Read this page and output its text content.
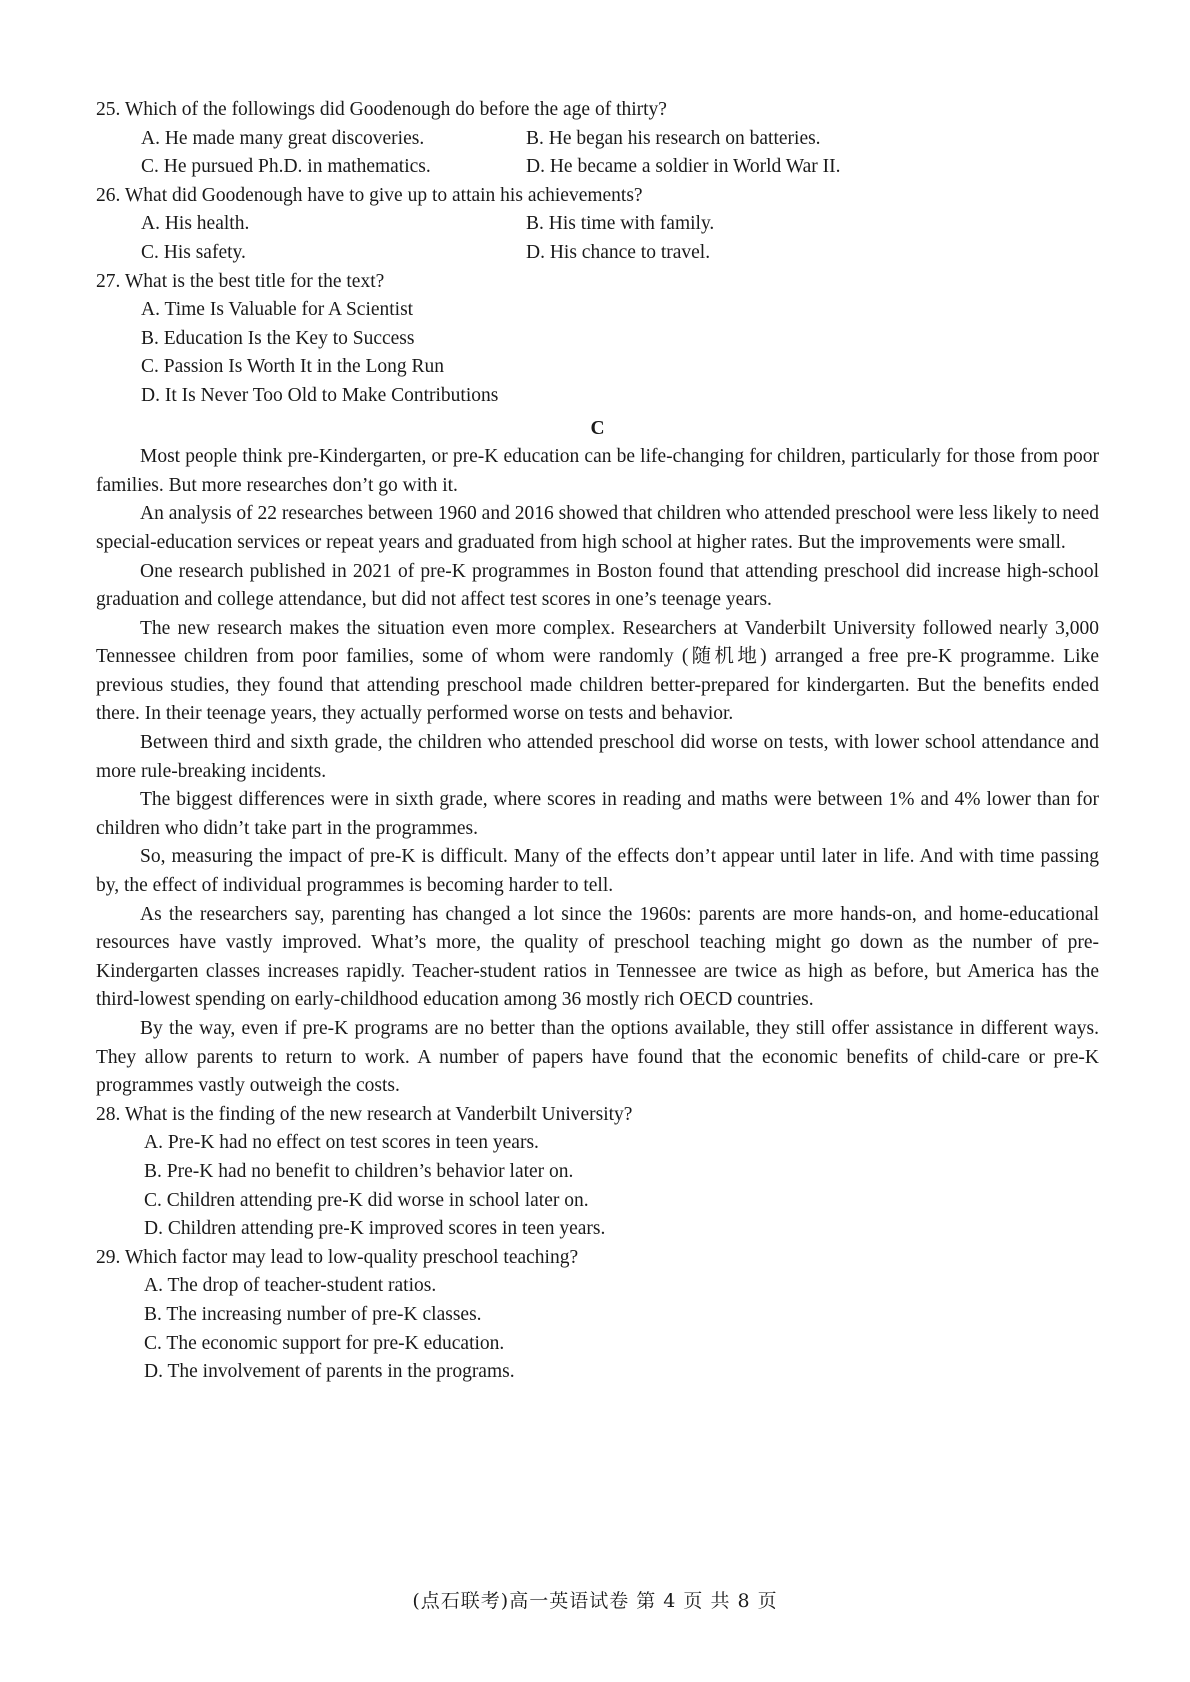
25. Which of the followings did Goodenough do before the age of thirty?

A. He made many great discoveries.	B. He began his research on batteries.
C. He pursued Ph.D. in mathematics.	D. He became a soldier in World War II.

26. What did Goodenough have to give up to attain his achievements?

A. His health.	B. His time with family.
C. His safety.	D. His chance to travel.

27. What is the best title for the text?

A. Time Is Valuable for A Scientist
B. Education Is the Key to Success
C. Passion Is Worth It in the Long Run
D. It Is Never Too Old to Make Contributions
C

Most people think pre-Kindergarten, or pre-K education can be life-changing for children, particularly for those from poor families. But more researches don’t go with it.

An analysis of 22 researches between 1960 and 2016 showed that children who attended preschool were less likely to need special-education services or repeat years and graduated from high school at higher rates. But the improvements were small.

One research published in 2021 of pre-K programmes in Boston found that attending preschool did increase high-school graduation and college attendance, but did not affect test scores in one’s teenage years.

The new research makes the situation even more complex. Researchers at Vanderbilt University followed nearly 3,000 Tennessee children from poor families, some of whom were randomly (随机地) arranged a free pre-K programme. Like previous studies, they found that attending preschool made children better-prepared for kindergarten. But the benefits ended there. In their teenage years, they actually performed worse on tests and behavior.

Between third and sixth grade, the children who attended preschool did worse on tests, with lower school attendance and more rule-breaking incidents.

The biggest differences were in sixth grade, where scores in reading and maths were between 1% and 4% lower than for children who didn’t take part in the programmes.

So, measuring the impact of pre-K is difficult. Many of the effects don’t appear until later in life. And with time passing by, the effect of individual programmes is becoming harder to tell.

As the researchers say, parenting has changed a lot since the 1960s: parents are more hands-on, and home-educational resources have vastly improved. What’s more, the quality of preschool teaching might go down as the number of pre-Kindergarten classes increases rapidly. Teacher-student ratios in Tennessee are twice as high as before, but America has the third-lowest spending on early-childhood education among 36 mostly rich OECD countries.

By the way, even if pre-K programs are no better than the options available, they still offer assistance in different ways. They allow parents to return to work. A number of papers have found that the economic benefits of child-care or pre-K programmes vastly outweigh the costs.

28. What is the finding of the new research at Vanderbilt University?

A. Pre-K had no effect on test scores in teen years.
B. Pre-K had no benefit to children’s behavior later on.
C. Children attending pre-K did worse in school later on.
D. Children attending pre-K improved scores in teen years.

29. Which factor may lead to low-quality preschool teaching?

A. The drop of teacher-student ratios.
B. The increasing number of pre-K classes.
C. The economic support for pre-K education.
D. The involvement of parents in the programs.
(点石联考)高一英语试卷 第 4 页 共 8 页
